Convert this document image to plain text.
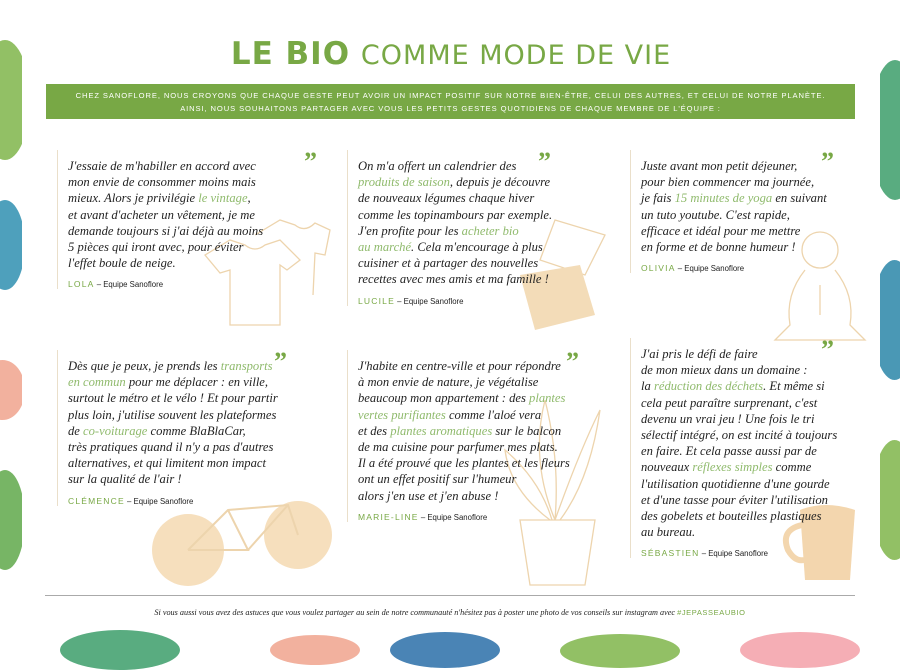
LE BIO COMME MODE DE VIE
CHEZ SANOFLORE, NOUS CROYONS QUE CHAQUE GESTE PEUT AVOIR UN IMPACT POSITIF SUR NOTRE BIEN-ÊTRE, CELUI DES AUTRES, ET CELUI DE NOTRE PLANÈTE.
AINSI, NOUS SOUHAITONS PARTAGER AVEC VOUS LES PETITS GESTES QUOTIDIENS DE CHAQUE MEMBRE DE L'ÉQUIPE :
”
J'essaie de m'habiller en accord avec
mon envie de consommer moins mais
mieux. Alors je privilégie le vintage,
et avant d'acheter un vêtement, je me
demande toujours si j'ai déjà au moins
5 pièces qui iront avec, pour éviter
l'effet boule de neige.
LOLA – Equipe Sanoflore
”
On m'a offert un calendrier des
produits de saison, depuis je découvre
de nouveaux légumes chaque hiver
comme les topinambours par exemple.
J'en profite pour les acheter bio
au marché. Cela m'encourage à plus
cuisiner et à partager des nouvelles
recettes avec mes amis et ma famille !
LUCILE – Equipe Sanoflore
”
Juste avant mon petit déjeuner,
pour bien commencer ma journée,
je fais 15 minutes de yoga en suivant
un tuto youtube. C'est rapide,
efficace et idéal pour me mettre
en forme et de bonne humeur !
OLIVIA – Equipe Sanoflore
”
Dès que je peux, je prends les transports
en commun pour me déplacer : en ville,
surtout le métro et le vélo ! Et pour partir
plus loin, j'utilise souvent les plateformes
de co-voiturage comme BlaBlaCar,
très pratiques quand il n'y a pas d'autres
alternatives, et qui limitent mon impact
sur la qualité de l'air !
CLÉMENCE – Equipe Sanoflore
”
J'habite en centre-ville et pour répondre
à mon envie de nature, je végétalise
beaucoup mon appartement : des plantes
vertes purifiantes comme l'aloé vera
et des plantes aromatiques sur le balcon
de ma cuisine pour parfumer mes plats.
Il a été prouvé que les plantes et les fleurs
ont un effet positif sur l'humeur
alors j'en use et j'en abuse !
MARIE-LINE – Equipe Sanoflore
”
J'ai pris le défi de faire
de mon mieux dans un domaine :
la réduction des déchets. Et même si
cela peut paraître surprenant, c'est
devenu un vrai jeu ! Une fois le tri
sélectif intégré, on est incité à toujours
en faire. Et cela passe aussi par de
nouveaux réflexes simples comme
l'utilisation quotidienne d'une gourde
et d'une tasse pour éviter l'utilisation
des gobelets et bouteilles plastiques
au bureau.
SÉBASTIEN – Equipe Sanoflore
Si vous aussi vous avez des astuces que vous voulez partager au sein de notre communauté n'hésitez pas à poster une photo de vos conseils sur instagram avec #JEPASSEAUBIO
